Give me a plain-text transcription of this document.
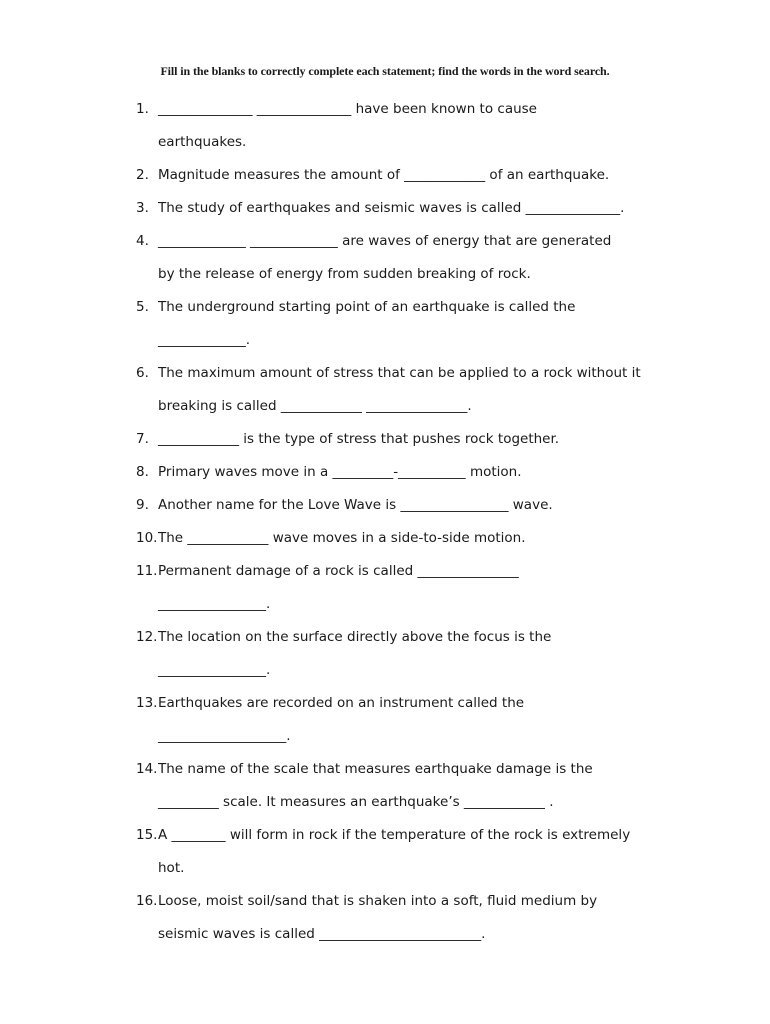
Fill in the blanks to correctly complete each statement; find the words in the word search.
1. ______________ ______________ have been known to cause
earthquakes.
2. Magnitude measures the amount of ____________ of an earthquake.
3. The study of earthquakes and seismic waves is called ______________.
4. _____________ _____________ are waves of energy that are generated
by the release of energy from sudden breaking of rock.
5. The underground starting point of an earthquake is called the
_____________.
6. The maximum amount of stress that can be applied to a rock without it
breaking is called ____________ _______________.
7. ____________ is the type of stress that pushes rock together.
8. Primary waves move in a _________-__________ motion.
9. Another name for the Love Wave is ________________ wave.
10. The ____________ wave moves in a side-to-side motion.
11. Permanent damage of a rock is called _______________
________________.
12. The location on the surface directly above the focus is the
________________.
13. Earthquakes are recorded on an instrument called the
___________________.
14. The name of the scale that measures earthquake damage is the
_________ scale. It measures an earthquake’s ____________ .
15. A ________ will form in rock if the temperature of the rock is extremely
hot.
16. Loose, moist soil/sand that is shaken into a soft, fluid medium by
seismic waves is called ________________________.
